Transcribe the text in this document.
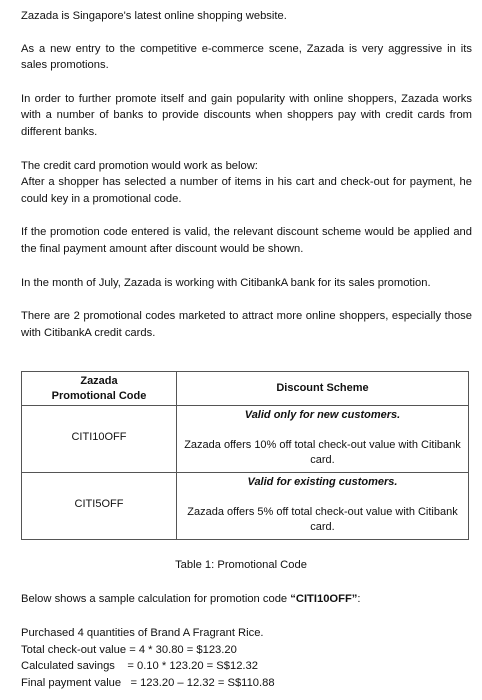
Zazada is Singapore's latest online shopping website.

As a new entry to the competitive e-commerce scene, Zazada is very aggressive in its sales promotions.

In order to further promote itself and gain popularity with online shoppers, Zazada works with a number of banks to provide discounts when shoppers pay with credit cards from different banks.

The credit card promotion would work as below:

After a shopper has selected a number of items in his cart and check-out for payment, he could key in a promotional code.

If the promotion code entered is valid, the relevant discount scheme would be applied and the final payment amount after discount would be shown.

In the month of July, Zazada is working with CitibankA bank for its sales promotion.

There are 2 promotional codes marketed to attract more online shoppers, especially those with CitibankA credit cards.

Zazada
Promotional Code	Discount Scheme

CITI10OFF	Valid only for new customers.
Zazada offers 10% off total check-out value with Citibank card.

CITI5OFF	Valid for existing customers.
Zazada offers 5% off total check-out value with Citibank card.
Table 1: Promotional Code
Below shows a sample calculation for promotion code “CITI10OFF”:
Purchased 4 quantities of Brand A Fragrant Rice.
Total check-out value = 4 * 30.80 = $123.20
Calculated savings    = 0.10 * 123.20 = S$12.32
Final payment value   = 123.20 – 12.32 = S$110.88
